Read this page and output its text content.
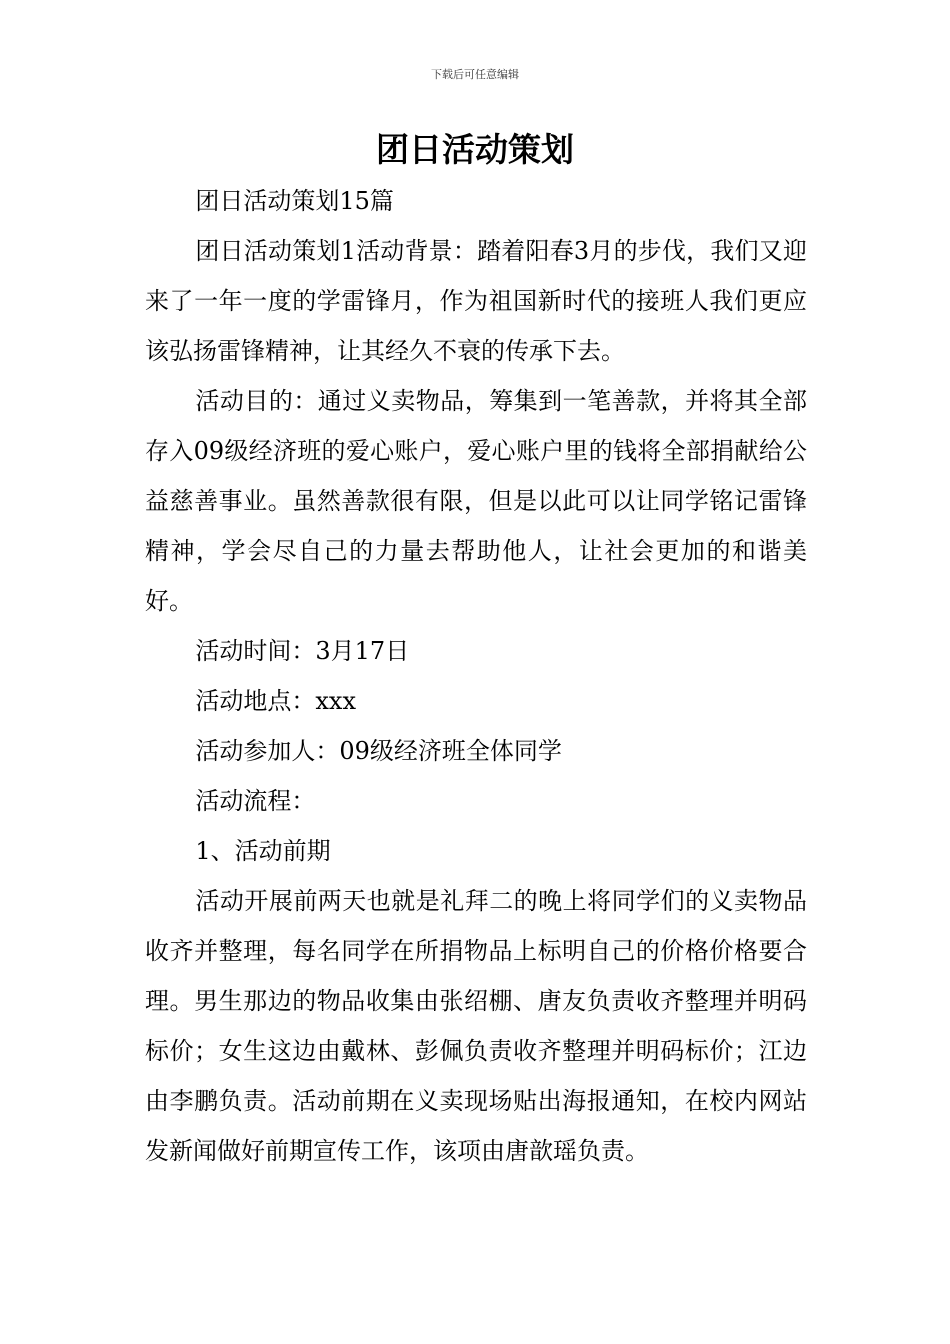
下载后可任意编辑
团日活动策划

团日活动策划15篇

团日活动策划1活动背景：踏着阳春3月的步伐，我们又迎来了一年一度的学雷锋月，作为祖国新时代的接班人我们更应该弘扬雷锋精神，让其经久不衰的传承下去。

活动目的：通过义卖物品，筹集到一笔善款，并将其全部存入09级经济班的爱心账户，爱心账户里的钱将全部捐献给公益慈善事业。虽然善款很有限，但是以此可以让同学铭记雷锋精神，学会尽自己的力量去帮助他人，让社会更加的和谐美好。

活动时间：3月17日

活动地点：xxx

活动参加人：09级经济班全体同学

活动流程：

1、活动前期

活动开展前两天也就是礼拜二的晚上将同学们的义卖物品收齐并整理，每名同学在所捐物品上标明自己的价格价格要合理。男生那边的物品收集由张绍棚、唐友负责收齐整理并明码标价；女生这边由戴林、彭佩负责收齐整理并明码标价；江边由李鹏负责。活动前期在义卖现场贴出海报通知，在校内网站发新闻做好前期宣传工作，该项由唐歆瑶负责。
